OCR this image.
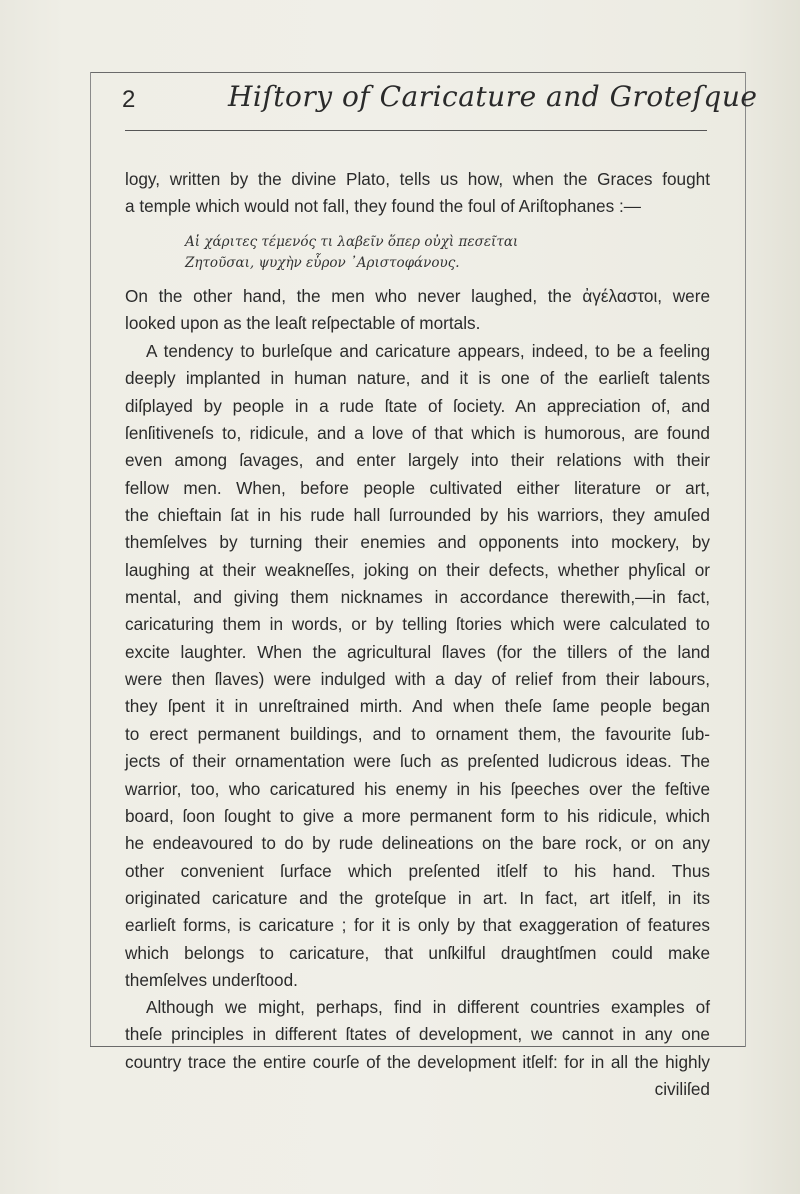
2	Hiſtory of Caricature and Groteſque
logy, written by the divine Plato, tells us how, when the Graces fought
a temple which would not fall, they found the foul of Ariſtophanes :—
Αἱ χάριτες τέμενός τι λαβεῖν ὅπερ οὐχὶ πεσεῖται
Ζητοῦσαι, ψυχὴν εὗρον ᾿Αριστοφάνους.
On the other hand, the men who never laughed, the ἀγέλαστοι, were
looked upon as the leaſt reſpectable of mortals.
A tendency to burleſque and caricature appears, indeed, to be a feeling
deeply implanted in human nature, and it is one of the earlieſt talents
diſplayed by people in a rude ſtate of ſociety. An appreciation of, and
ſenſitiveneſs to, ridicule, and a love of that which is humorous, are found
even among ſavages, and enter largely into their relations with their
fellow men. When, before people cultivated either literature or art,
the chieftain ſat in his rude hall ſurrounded by his warriors, they amuſed
themſelves by turning their enemies and opponents into mockery, by
laughing at their weakneſſes, joking on their defects, whether phyſical or
mental, and giving them nicknames in accordance therewith,—in fact,
caricaturing them in words, or by telling ſtories which were calculated to
excite laughter. When the agricultural ſlaves (for the tillers of the land
were then ſlaves) were indulged with a day of relief from their labours,
they ſpent it in unreſtrained mirth. And when theſe ſame people began
to erect permanent buildings, and to ornament them, the favourite ſub-
jects of their ornamentation were ſuch as preſented ludicrous ideas. The
warrior, too, who caricatured his enemy in his ſpeeches over the feſtive
board, ſoon ſought to give a more permanent form to his ridicule, which
he endeavoured to do by rude delineations on the bare rock, or on any
other convenient ſurface which preſented itſelf to his hand. Thus
originated caricature and the groteſque in art. In fact, art itſelf, in its
earlieſt forms, is caricature ; for it is only by that exaggeration of features
which belongs to caricature, that unſkilful draughtſmen could make
themſelves underſtood.
Although we might, perhaps, find in different countries examples of
theſe principles in different ſtates of development, we cannot in any one
country trace the entire courſe of the development itſelf: for in all the highly
civiliſed
